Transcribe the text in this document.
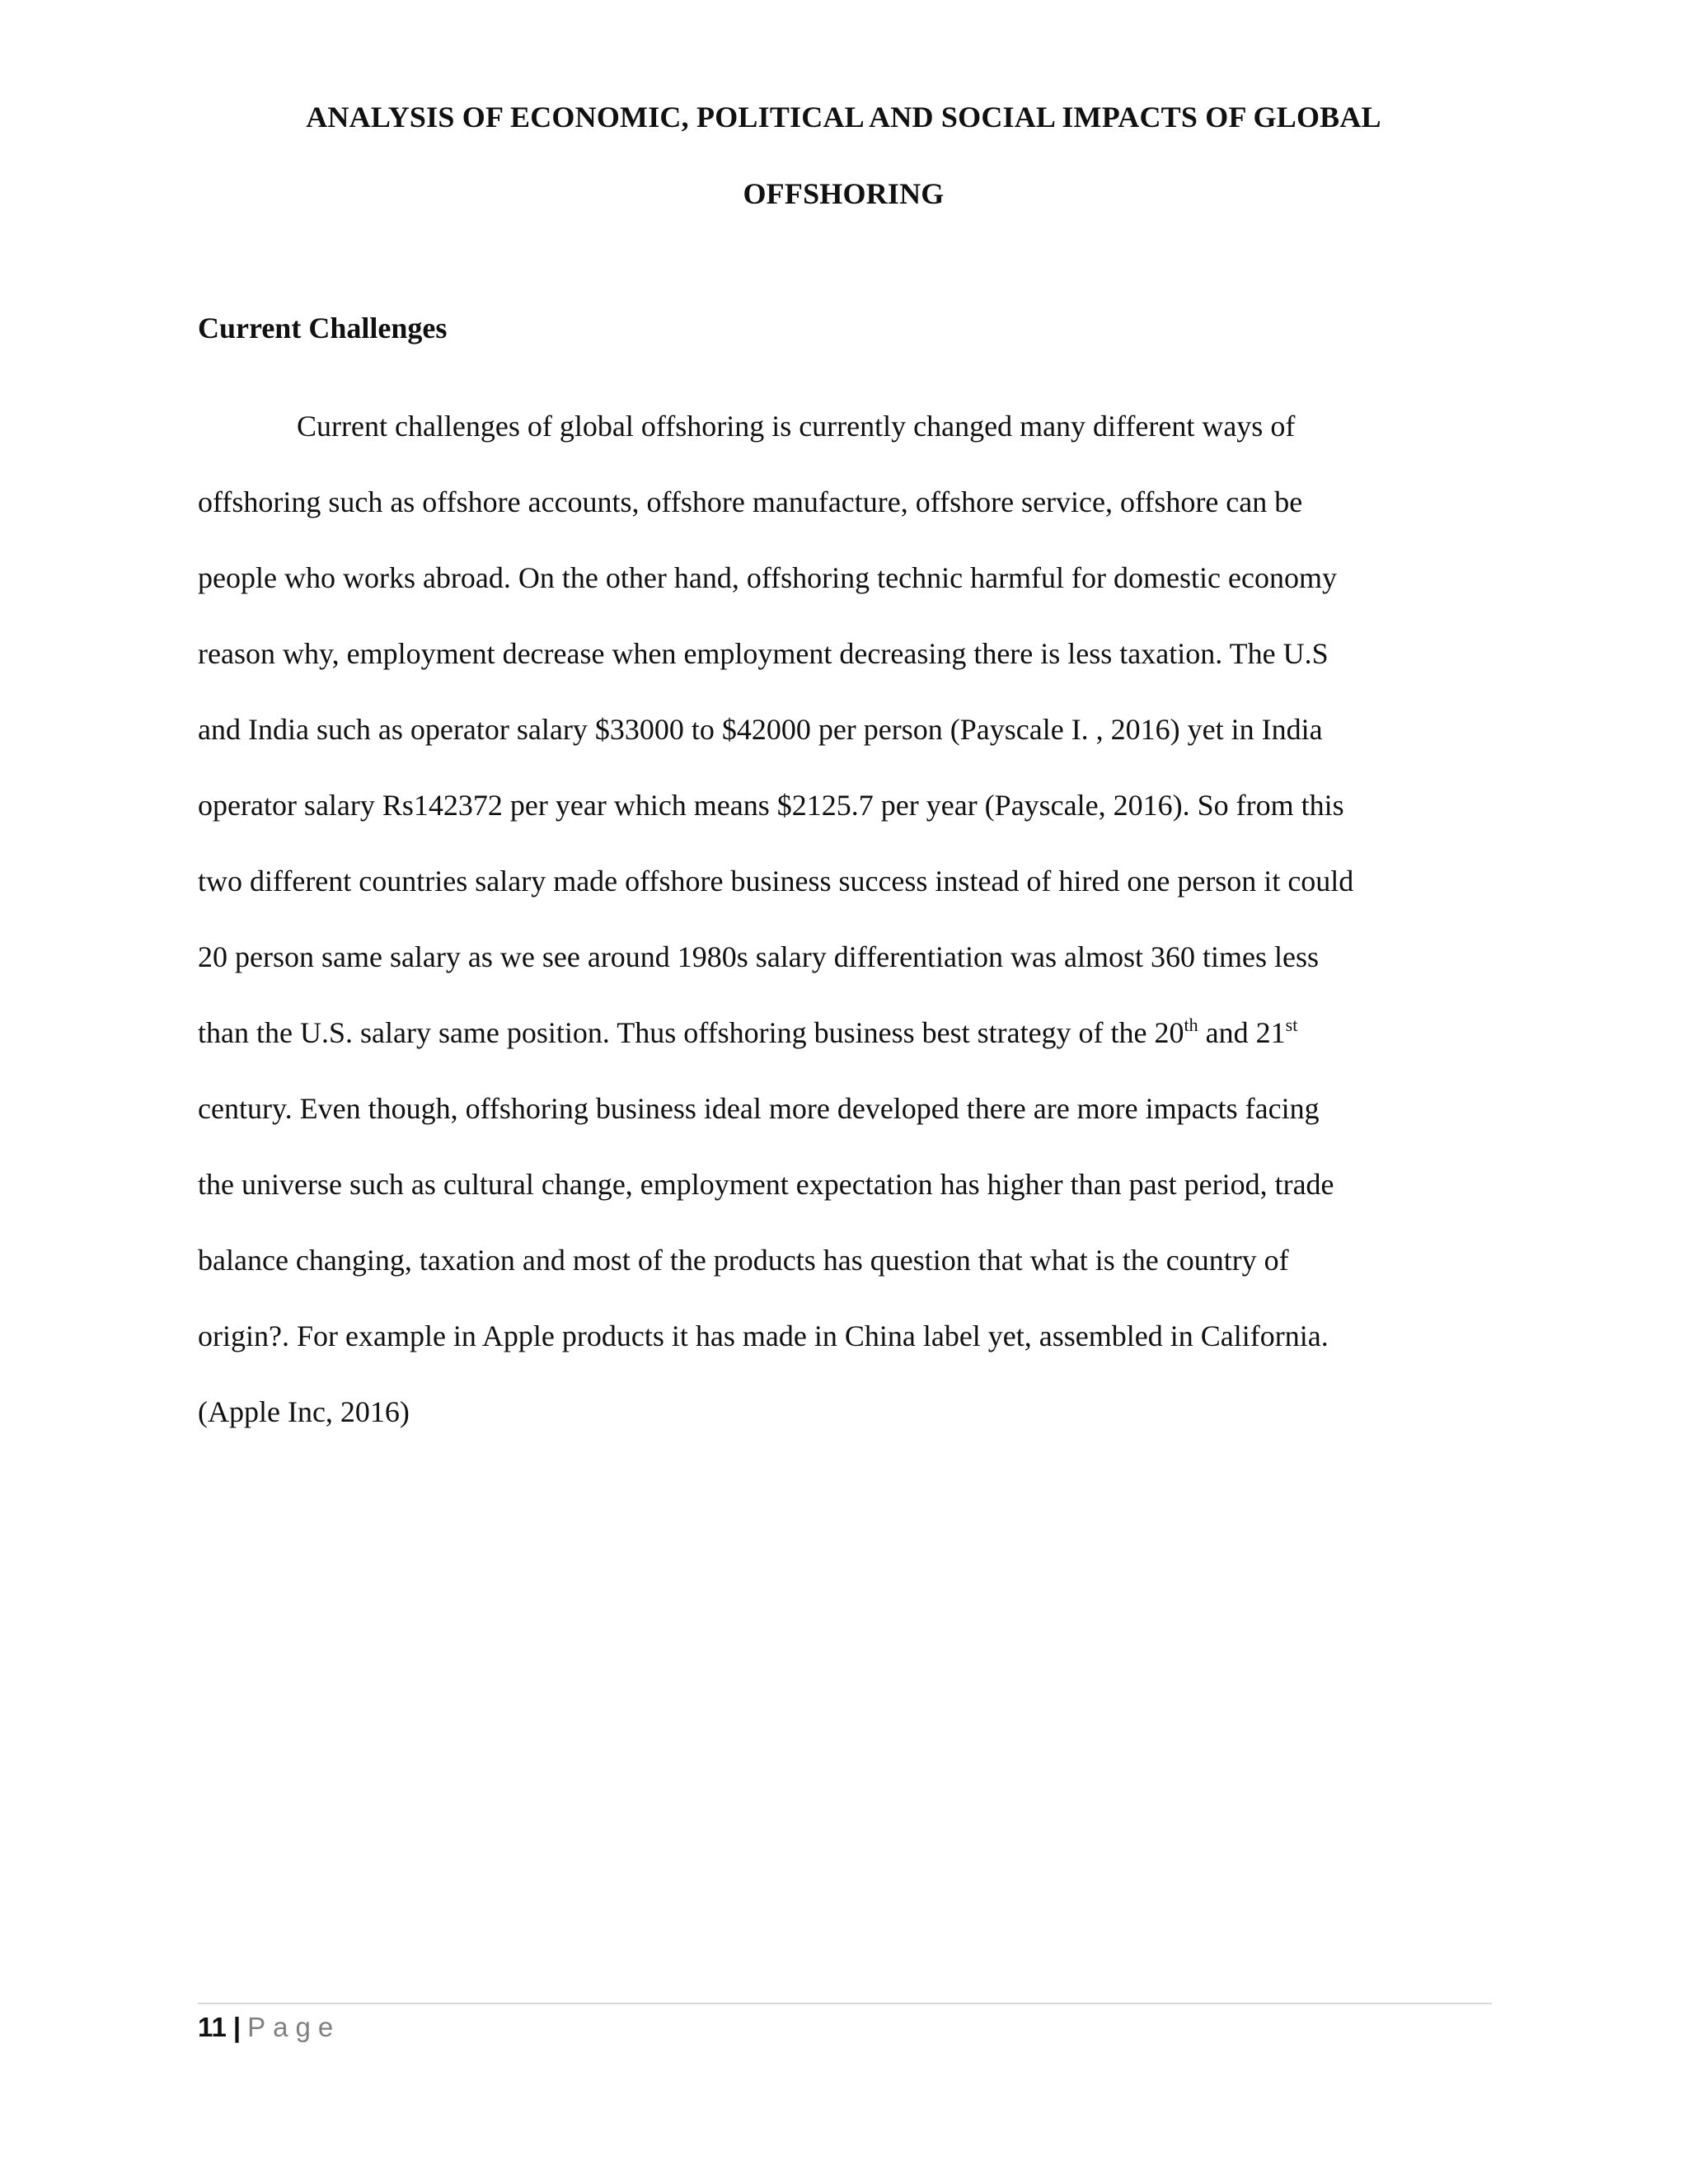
ANALYSIS OF ECONOMIC, POLITICAL AND SOCIAL IMPACTS OF GLOBAL
OFFSHORING
Current Challenges
Current challenges of global offshoring is currently changed many different ways of
offshoring such as offshore accounts, offshore manufacture, offshore service, offshore can be
people who works abroad. On the other hand, offshoring technic harmful for domestic economy
reason why, employment decrease when employment decreasing there is less taxation. The U.S
and India such as operator salary $33000 to $42000 per person (Payscale I. , 2016) yet in India
operator salary Rs142372 per year which means $2125.7 per year (Payscale, 2016). So from this
two different countries salary made offshore business success instead of hired one person it could
20 person same salary as we see around 1980s salary differentiation was almost 360 times less
than the U.S. salary same position. Thus offshoring business best strategy of the 20th and 21st
century. Even though, offshoring business ideal more developed there are more impacts facing
the universe such as cultural change, employment expectation has higher than past period, trade
balance changing, taxation and most of the products has question that what is the country of
origin?. For example in Apple products it has made in China label yet, assembled in California.
(Apple Inc, 2016)
11 | Page
